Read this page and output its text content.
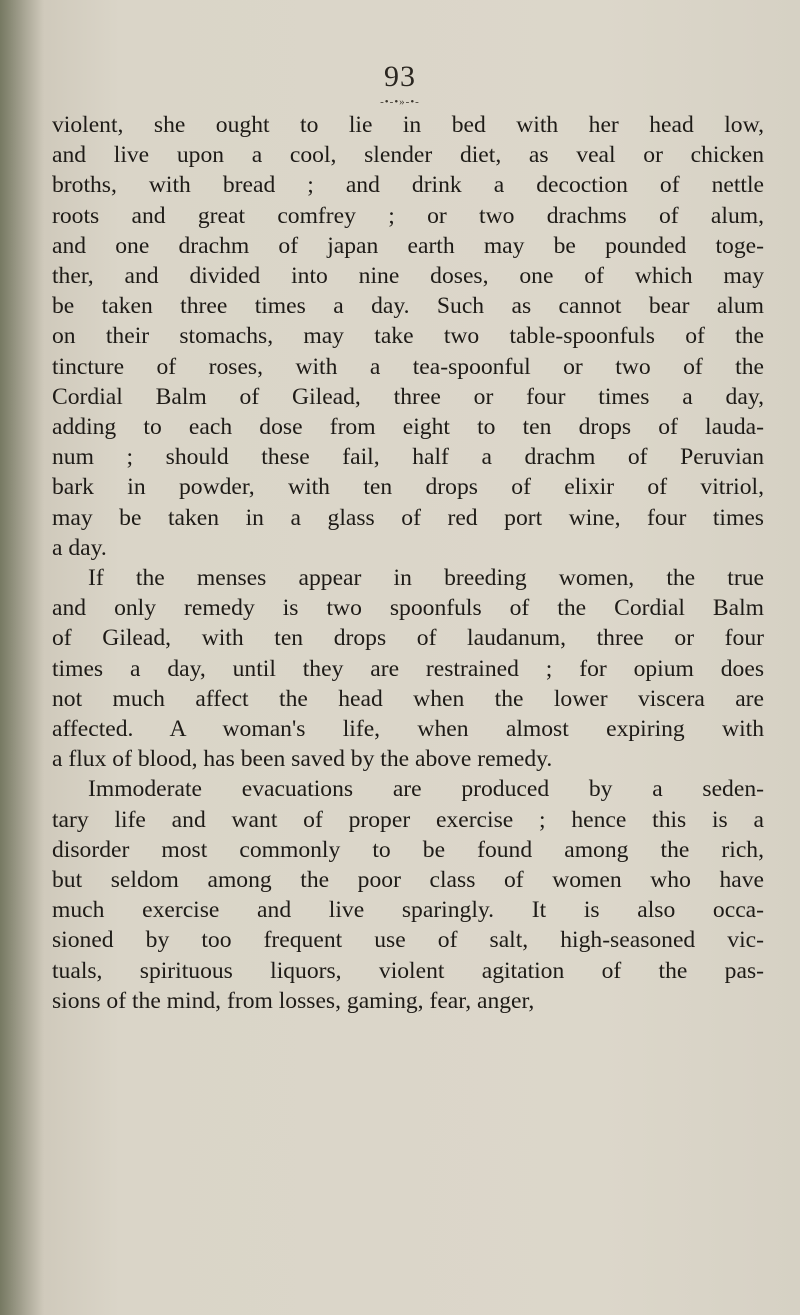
93
-•-•»-•-
violent, she ought to lie in bed with her head low,
and live upon a cool, slender diet, as veal or chicken
broths, with bread ; and drink a decoction of nettle
roots and great comfrey ; or two drachms of alum,
and one drachm of japan earth may be pounded toge-
ther, and divided into nine doses, one of which may
be taken three times a day. Such as cannot bear alum
on their stomachs, may take two table-spoonfuls of the
tincture of roses, with a tea-spoonful or two of the
Cordial Balm of Gilead, three or four times a day,
adding to each dose from eight to ten drops of lauda-
num ; should these fail, half a drachm of Peruvian
bark in powder, with ten drops of elixir of vitriol,
may be taken in a glass of red port wine, four times
a day.
If the menses appear in breeding women, the true
and only remedy is two spoonfuls of the Cordial Balm
of Gilead, with ten drops of laudanum, three or four
times a day, until they are restrained ; for opium does
not much affect the head when the lower viscera are
affected. A woman's life, when almost expiring with
a flux of blood, has been saved by the above remedy.
Immoderate evacuations are produced by a seden-
tary life and want of proper exercise ; hence this is a
disorder most commonly to be found among the rich,
but seldom among the poor class of women who have
much exercise and live sparingly. It is also occa-
sioned by too frequent use of salt, high-seasoned vic-
tuals, spirituous liquors, violent agitation of the pas-
sions of the mind, from losses, gaming, fear, anger,
